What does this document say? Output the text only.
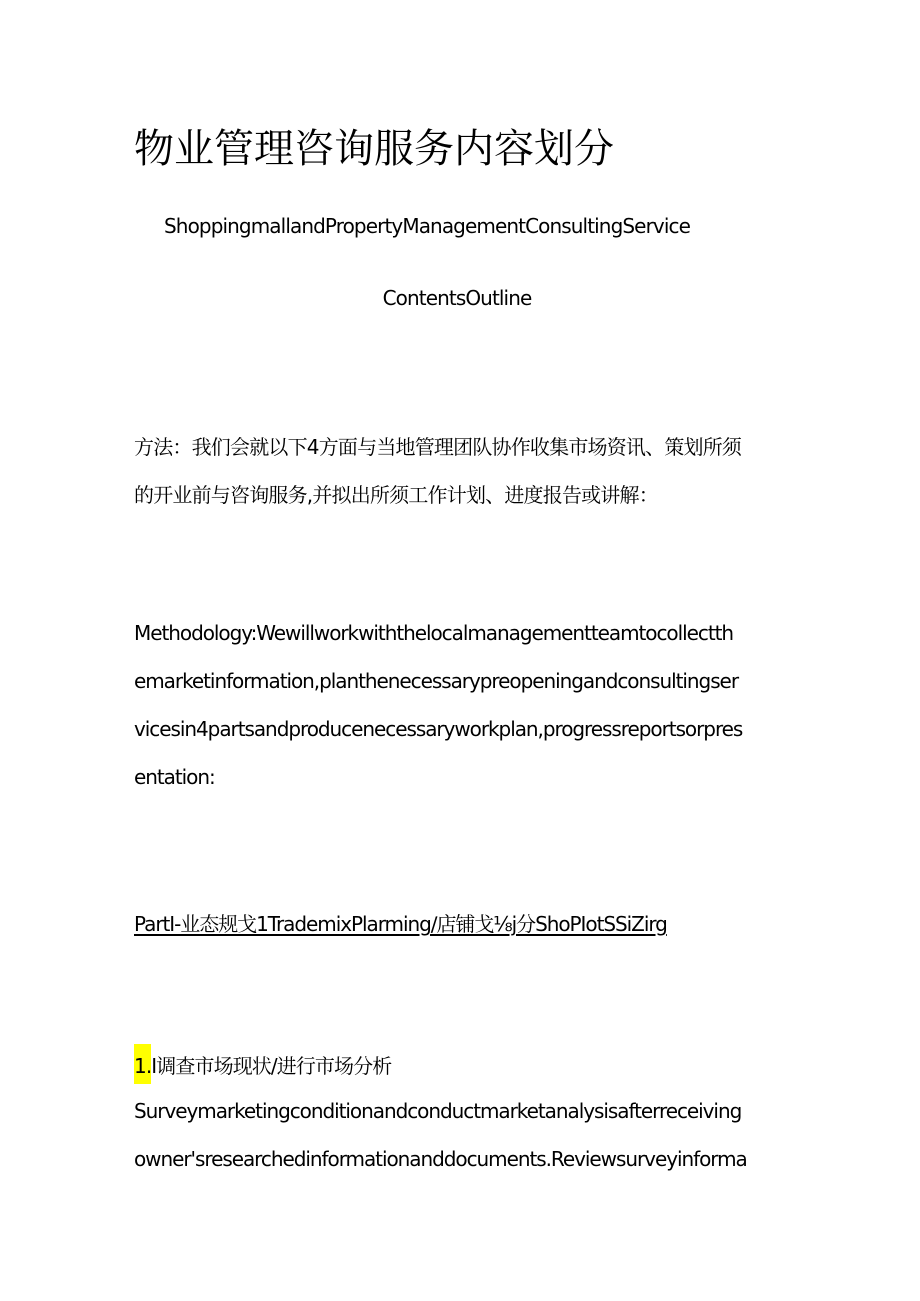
物业管理咨询服务内容划分
ShoppingmallandPropertyManagementConsultingService
ContentsOutline
方法：我们会就以下4方面与当地管理团队协作收集市场资讯、策划所须
的开业前与咨询服务,并拟出所须工作计划、进度报告或讲解：
Methodology:Wewillworkwiththelocalmanagementteamtocollectth
emarketinformation,planthenecessarypreopeningandconsultingser
vicesin4partsandproducenecessaryworkplan,progressreportsorpres
entation:
PartI-业态规戈1TrademixPlarming∕店铺戈⅛j分ShoPIotSSiZirg
1.I调查市场现状/进行市场分析
Surveymarketingconditionandconductmarketanalysisafterreceiving
owner'sresearchedinformationanddocuments.Reviewsurveyinforma
